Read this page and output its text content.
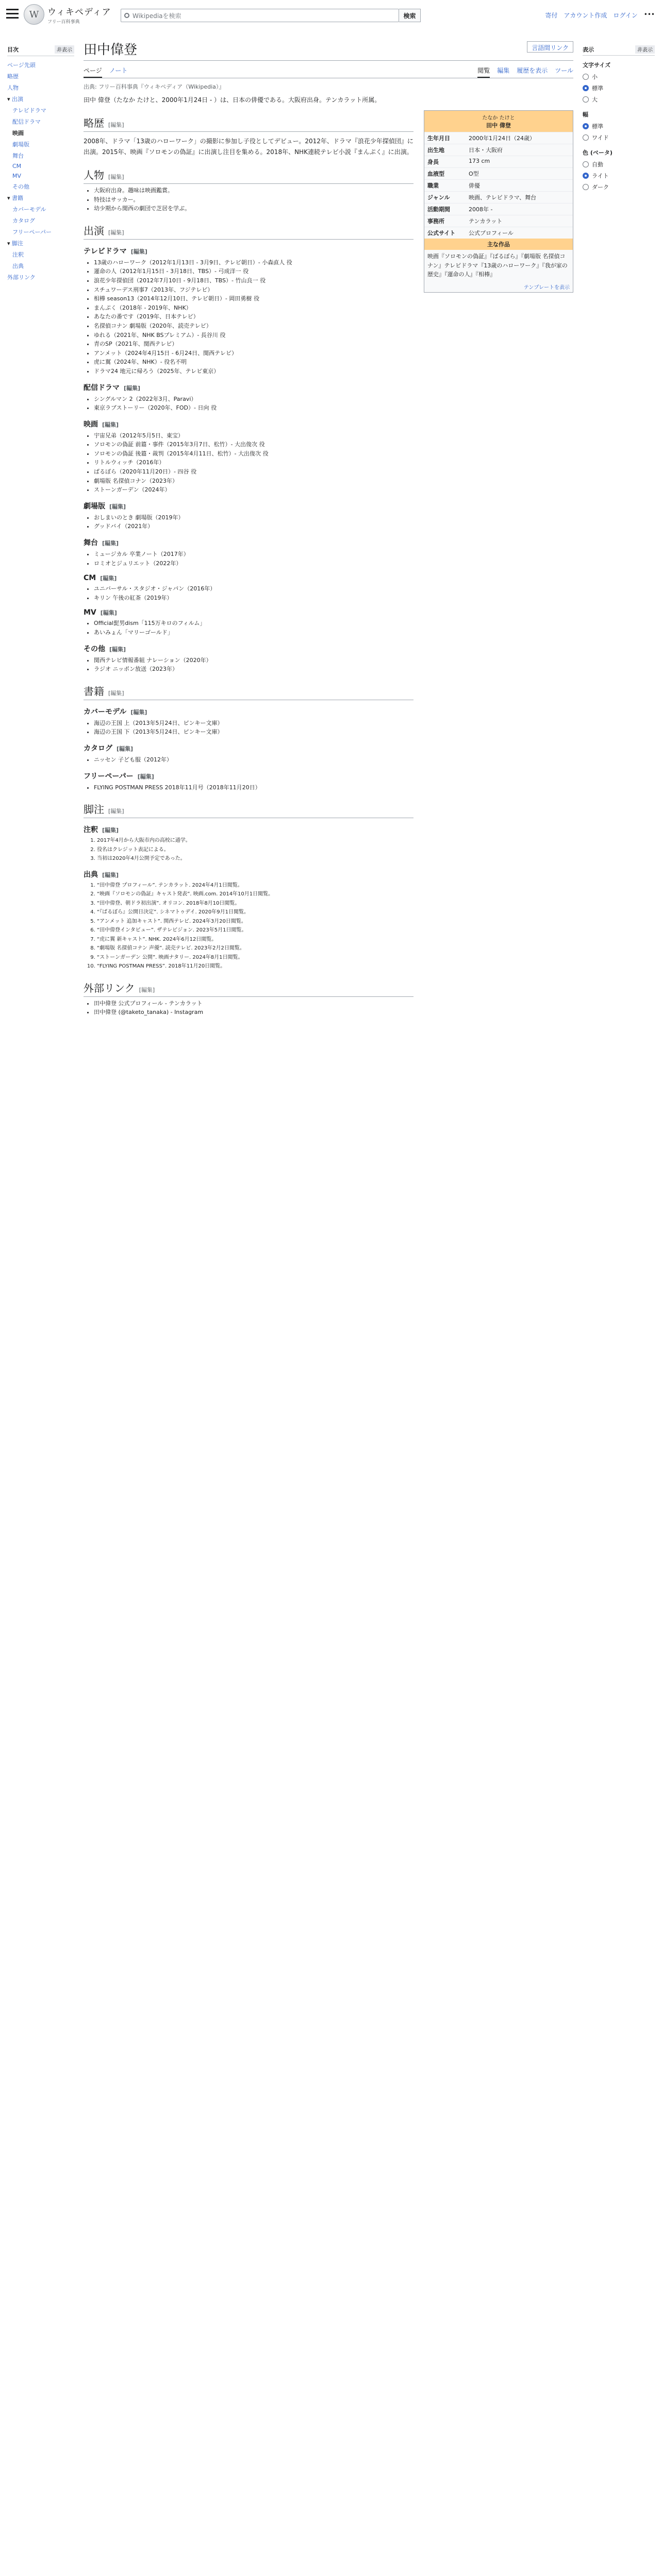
W ウィキペディア
フリー百科事典
Wikipediaを検索	検索	寄付 アカウント作成 ログイン •••
目次	非表示
ページ先頭
略歴
人物
▾ 出演
テレビドラマ
配信ドラマ
映画
劇場版
舞台
CM
MV
その他
▾ 書籍
カバーモデル
カタログ
フリーペーパー
▾ 脚注
注釈
出典
外部リンク
田中偉登	言語間リンク
ページ ノート	閲覧 編集 履歴を表示 ツール
出典: フリー百科事典『ウィキペディア（Wikipedia）』

田中 偉登（たなか たけと、2000年1月24日 - ）は、日本の俳優である。大阪府出身。テンカラット所属。

たなか たけと
田中 偉登
生年月日	2000年1月24日（24歳）
出生地	日本・大阪府
身長	173 cm
血液型	O型
職業	俳優
ジャンル	映画、テレビドラマ、舞台
活動期間	2008年 -
事務所	テンカラット
公式サイト	公式プロフィール
主な作品
映画『ソロモンの偽証』『ばるぼら』『劇場版 名探偵コナン』テレビドラマ『13歳のハローワーク』『我が家の歴史』『運命の人』『相棒』
テンプレートを表示
略歴 [編集]

2008年、ドラマ「13歳のハローワーク」の撮影に参加し子役としてデビュー。2012年、ドラマ『浪花少年探偵団』に出演。2015年、映画『ソロモンの偽証』に出演し注目を集める。2018年、NHK連続テレビ小説『まんぷく』に出演。

人物 [編集]
• 大阪府出身。趣味は映画鑑賞。
• 特技はサッカー。
• 幼少期から関西の劇団で芝居を学ぶ。
出演 [編集]
テレビドラマ [編集]
• 13歳のハローワーク（2012年1月13日 - 3月9日、テレビ朝日）- 小森直人 役
• 運命の人（2012年1月15日 - 3月18日、TBS）- 弓成洋一 役
• 浪花少年探偵団（2012年7月10日 - 9月18日、TBS）- 竹山良一 役
• スチュワーデス刑事7（2013年、フジテレビ）
• 相棒 season13（2014年12月10日、テレビ朝日）- 岡田勇樹 役
• まんぷく（2018年 - 2019年、NHK）
• あなたの番です（2019年、日本テレビ）
• 名探偵コナン 劇場版（2020年、読売テレビ）
• ゆれる（2021年、NHK BSプレミアム）- 長谷川 役
• 青のSP（2021年、関西テレビ）
• アンメット（2024年4月15日 - 6月24日、関西テレビ）
• 虎に翼（2024年、NHK）- 役名不明
• ドラマ24 地元に帰ろう（2025年、テレビ東京）
配信ドラマ [編集]
• シングルマン 2（2022年3月、Paravi）
• 東京ラブストーリー（2020年、FOD）- 日向 役
映画 [編集]
• 宇宙兄弟（2012年5月5日、東宝）
• ソロモンの偽証 前篇・事件（2015年3月7日、松竹）- 大出俊次 役
• ソロモンの偽証 後篇・裁判（2015年4月11日、松竹）- 大出俊次 役
• リトルウィッチ（2016年）
• ばるぼら（2020年11月20日）- 四谷 役
• 劇場版 名探偵コナン（2023年）
• ストーンガーデン（2024年）
劇場版 [編集]
• おしまいのとき 劇場版（2019年）
• グッドバイ（2021年）
舞台 [編集]
• ミュージカル 卒業ノート（2017年）
• ロミオとジュリエット（2022年）
CM [編集]
• ユニバーサル・スタジオ・ジャパン（2016年）
• キリン 午後の紅茶（2019年）
MV [編集]
• Official髭男dism「115万キロのフィルム」
• あいみょん「マリーゴールド」
その他 [編集]
• 関西テレビ情報番組 ナレーション（2020年）
• ラジオ ニッポン放送（2023年）
書籍 [編集]
カバーモデル [編集]
• 海辺の王国 上（2013年5月24日、ピンキー文庫）
• 海辺の王国 下（2013年5月24日、ピンキー文庫）
カタログ [編集]
• ニッセン 子ども服（2012年）
フリーペーパー [編集]
• FLYING POSTMAN PRESS 2018年11月号（2018年11月20日）
脚注 [編集]
注釈 [編集]
1. 2017年4月から大阪市内の高校に通学。
2. 役名はクレジット表記による。
3. 当初は2020年4月公開予定であった。
出典 [編集]
1. “田中偉登 プロフィール”. テンカラット. 2024年4月1日閲覧。
2. “映画『ソロモンの偽証』キャスト発表”. 映画.com. 2014年10月1日閲覧。
3. “田中偉登、朝ドラ初出演”. オリコン. 2018年8月10日閲覧。
4. “『ばるぼら』公開日決定”. シネマトゥデイ. 2020年9月1日閲覧。
5. “アンメット 追加キャスト”. 関西テレビ. 2024年3月20日閲覧。
6. “田中偉登インタビュー”. ザテレビジョン. 2023年5月1日閲覧。
7. “虎に翼 新キャスト”. NHK. 2024年6月12日閲覧。
8. “劇場版 名探偵コナン 声優”. 読売テレビ. 2023年2月2日閲覧。
9. “ストーンガーデン 公開”. 映画ナタリー. 2024年8月1日閲覧。
10. “FLYING POSTMAN PRESS”. 2018年11月20日閲覧。
外部リンク [編集]
• 田中偉登 公式プロフィール - テンカラット
• 田中偉登 (@taketo_tanaka) - Instagram
表示	非表示
文字サイズ
小
標準
大
幅
標準
ワイド
色 (ベータ)
自動
ライト
ダーク
